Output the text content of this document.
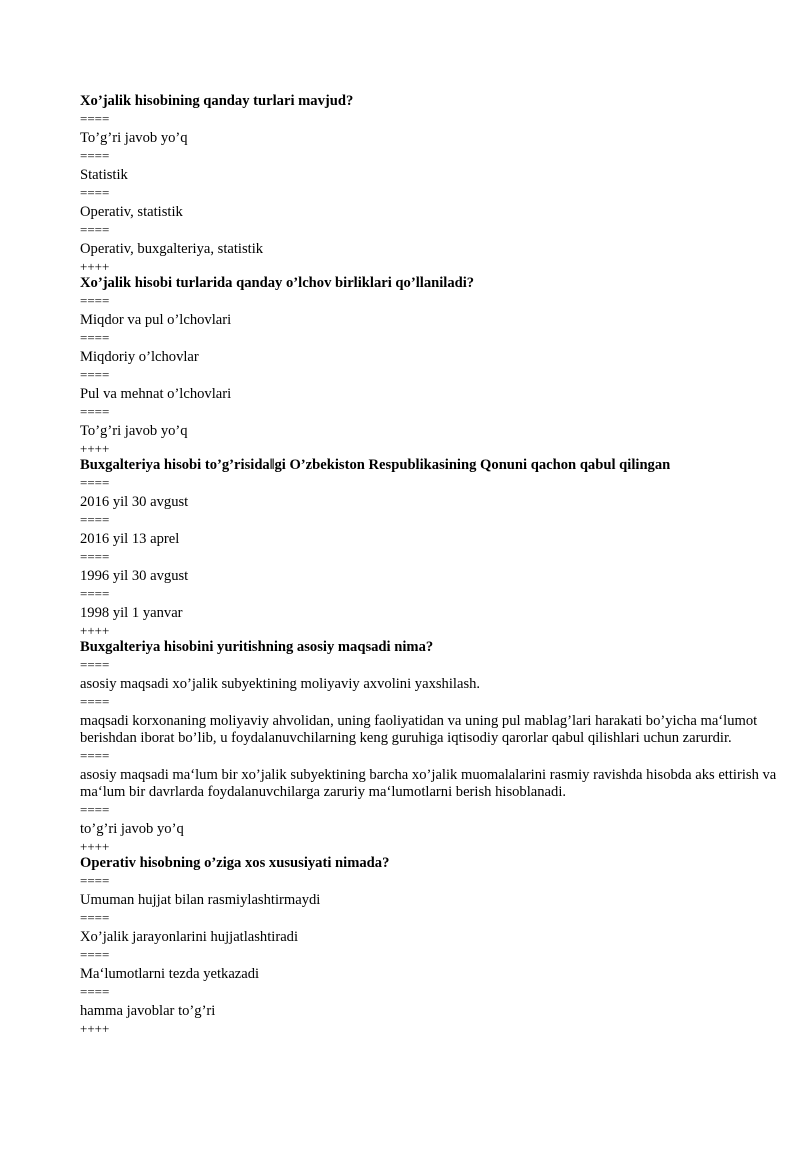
Xo’jalik hisobining qanday turlari mavjud?
====
To’g’ri javob yo’q
====
Statistik
====
Operativ, statistik
====
Operativ, buxgalteriya, statistik
++++
Xo’jalik hisobi turlarida qanday o’lchov birliklari qo’llaniladi?
====
Miqdor va pul o’lchovlari
====
Miqdoriy o’lchovlar
====
Pul va mehnat o’lchovlari
====
To’g’ri javob yo’q
++++
Buxgalteriya hisobi to’g’risida‖gi O’zbekiston Respublikasining Qonuni qachon qabul qilingan
====
2016 yil 30 avgust
====
2016 yil 13 aprel
====
1996 yil 30 avgust
====
1998 yil 1 yanvar
++++
Buxgalteriya hisobini yuritishning asosiy maqsadi nima?
====
asosiy maqsadi xo’jalik subyektining moliyaviy axvolini yaxshilash.
====
maqsadi korxonaning moliyaviy ahvolidan, uning faoliyatidan va uning pul mablag’lari harakati bo’yicha ma‘lumot berishdan iborat bo’lib, u foydalanuvchilarning keng guruhiga iqtisodiy qarorlar qabul qilishlari uchun zarurdir.
====
asosiy maqsadi ma‘lum bir xo’jalik subyektining barcha xo’jalik muomalalarini rasmiy ravishda hisobda aks ettirish va ma‘lum bir davrlarda foydalanuvchilarga zaruriy ma‘lumotlarni berish hisoblanadi.
====
to’g’ri javob yo’q
++++
Operativ hisobning o’ziga xos xususiyati nimada?
====
Umuman hujjat bilan rasmiylashtirmaydi
====
Xo’jalik jarayonlarini hujjatlashtiradi
====
Ma‘lumotlarni tezda yetkazadi
====
hamma javoblar to’g’ri
++++
